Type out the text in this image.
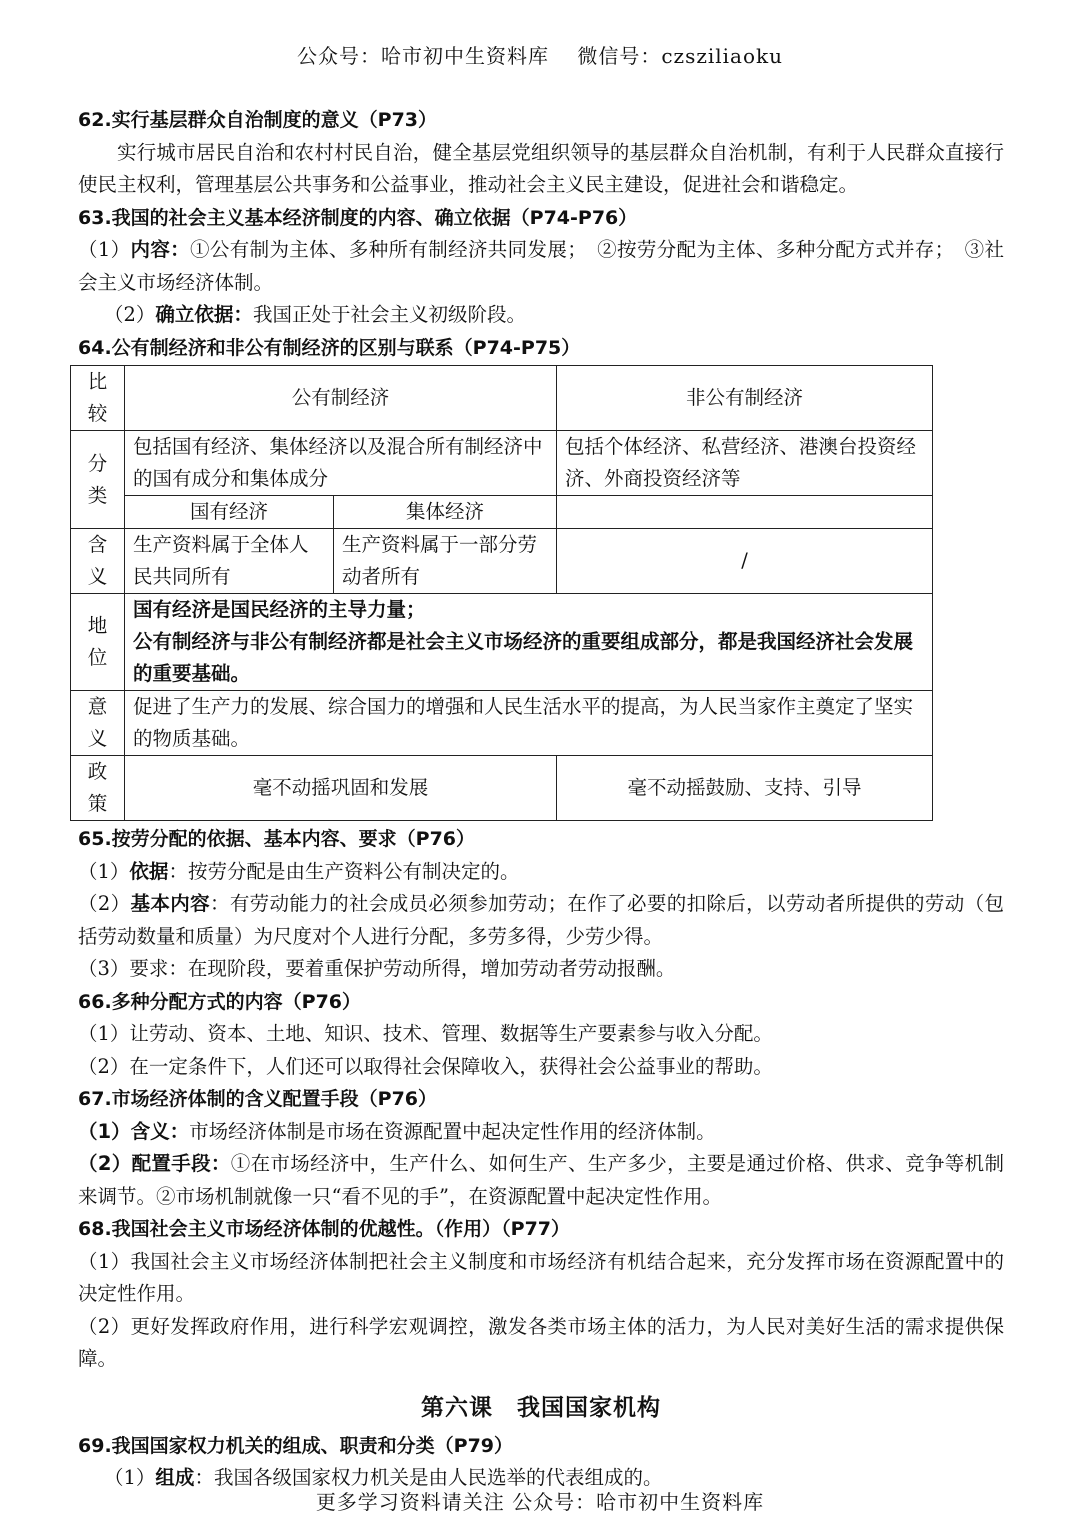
公众号：哈市初中生资料库　 微信号：czsziliaoku

62.实行基层群众自治制度的意义（P73）

实行城市居民自治和农村村民自治，健全基层党组织领导的基层群众自治机制，有利于人民群众直接行使民主权利，管理基层公共事务和公益事业，推动社会主义民主建设，促进社会和谐稳定。

63.我国的社会主义基本经济制度的内容、确立依据（P74-P76）

（1）内容：①公有制为主体、多种所有制经济共同发展；　②按劳分配为主体、多种分配方式并存；　③社会主义市场经济体制。

（2）确立依据：我国正处于社会主义初级阶段。

64.公有制经济和非公有制经济的区别与联系（P74-P75）

比较	公有制经济		非公有制经济
分类	包括国有经济、集体经济以及混合所有制经济中的国有成分和集体成分		包括个体经济、私营经济、港澳台投资经济、外商投资经济等
	国有经济	集体经济	
含义	生产资料属于全体人民共同所有	生产资料属于一部分劳动者所有	/
地位	国有经济是国民经济的主导力量；
公有制经济与非公有制经济都是社会主义市场经济的重要组成部分，都是我国经济社会发展的重要基础。		

意义	促进了生产力的发展、综合国力的增强和人民生活水平的提高，为人民当家作主奠定了坚实的物质基础。		
政策	毫不动摇巩固和发展		毫不动摇鼓励、支持、引导

65.按劳分配的依据、基本内容、要求（P76）

（1）依据：按劳分配是由生产资料公有制决定的。

（2）基本内容：有劳动能力的社会成员必须参加劳动；在作了必要的扣除后，以劳动者所提供的劳动（包括劳动数量和质量）为尺度对个人进行分配，多劳多得，少劳少得。

（3）要求：在现阶段，要着重保护劳动所得，增加劳动者劳动报酬。

66.多种分配方式的内容（P76）

（1）让劳动、资本、土地、知识、技术、管理、数据等生产要素参与收入分配。

（2）在一定条件下，人们还可以取得社会保障收入，获得社会公益事业的帮助。

67.市场经济体制的含义配置手段（P76）

（1）含义：市场经济体制是市场在资源配置中起决定性作用的经济体制。

（2）配置手段：①在市场经济中，生产什么、如何生产、生产多少，主要是通过价格、供求、竞争等机制来调节。②市场机制就像一只“看不见的手”，在资源配置中起决定性作用。

68.我国社会主义市场经济体制的优越性。（作用）（P77）

（1）我国社会主义市场经济体制把社会主义制度和市场经济有机结合起来，充分发挥市场在资源配置中的决定性作用。

（2）更好发挥政府作用，进行科学宏观调控，激发各类市场主体的活力，为人民对美好生活的需求提供保障。

第六课　我国国家机构

69.我国国家权力机关的组成、职责和分类（P79）

（1）组成：我国各级国家权力机关是由人民选举的代表组成的。

更多学习资料请关注 公众号：哈市初中生资料库
